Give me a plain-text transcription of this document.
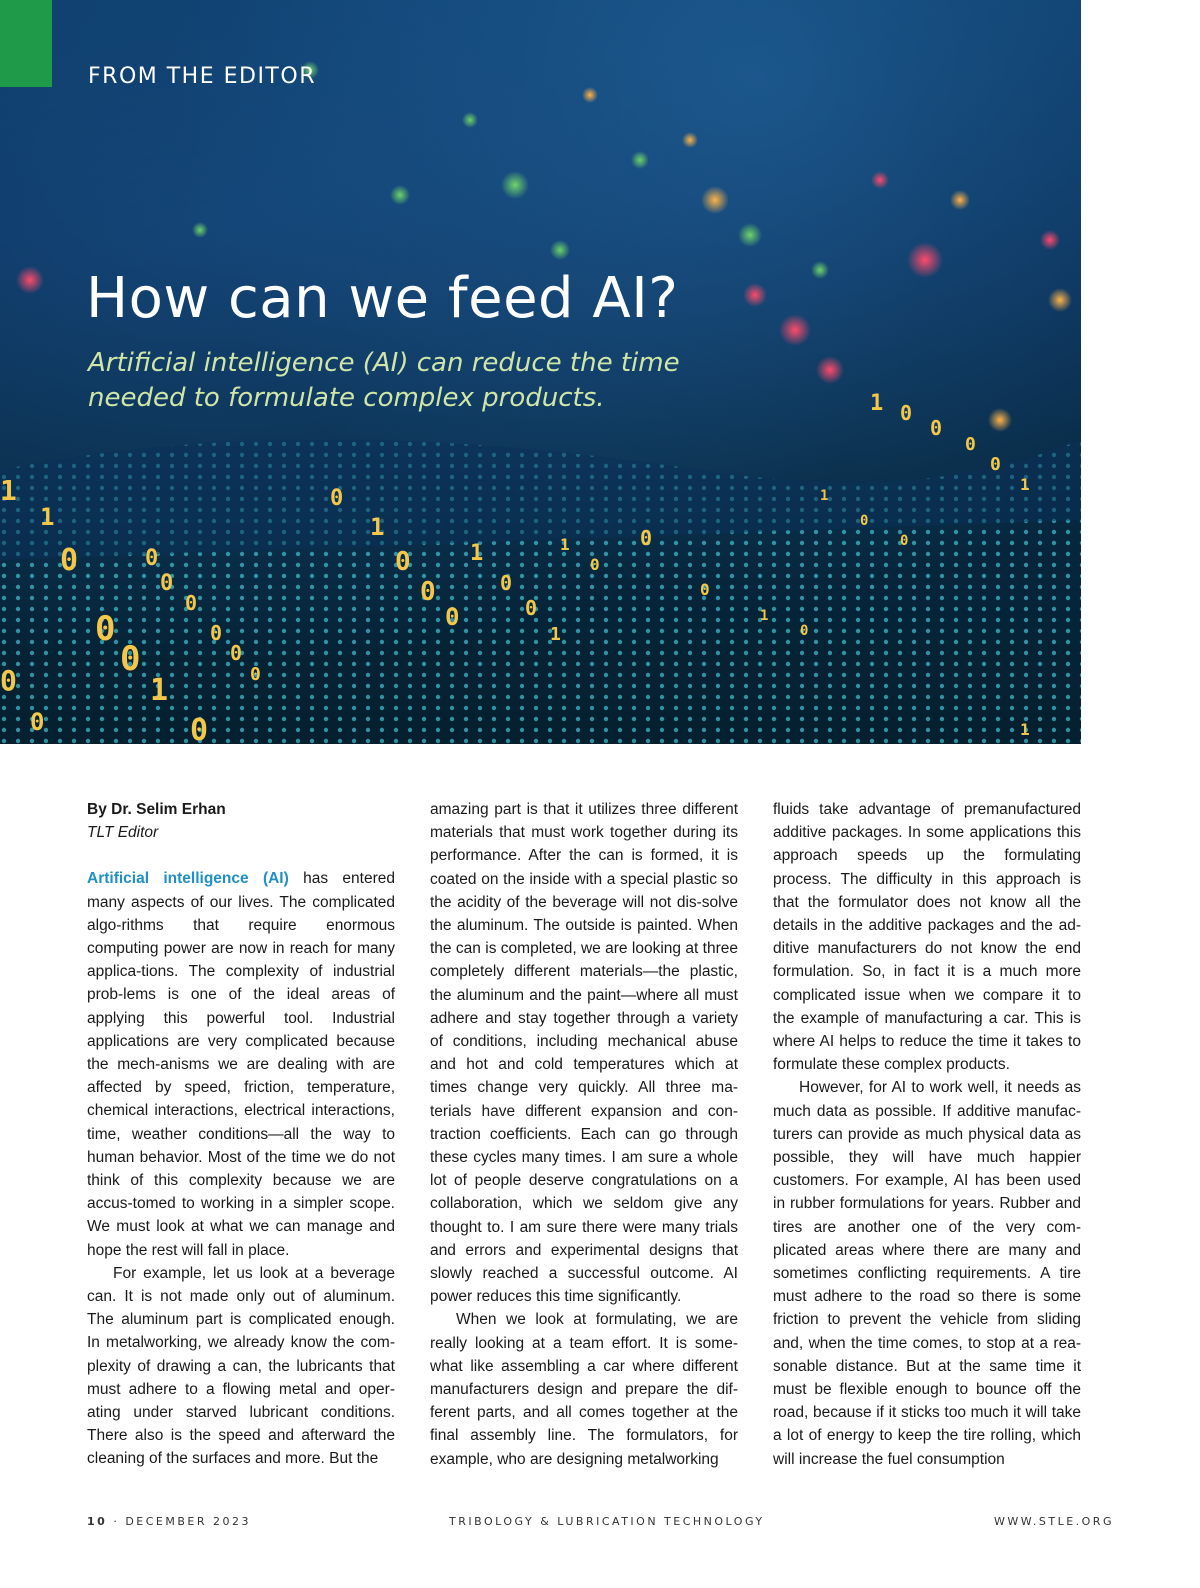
0
0
0
1
0
0
0
0
0
0
0
0
0
0
1
0
0
0
1
0
0
1
1
0
0
0
1
0
1 0
0
0
0
1
1
0
0
1
1
1
FROM THE EDITOR
How can we feed AI?

Artificial intelligence (AI) can reduce the time needed to formulate complex products.

By Dr. Selim Erhan

TLT Editor

Artificial intelligence (AI) has entered many aspects of our lives. The complicated algo-rithms that require enormous computing power are now in reach for many applica-tions. The complexity of industrial prob-lems is one of the ideal areas of applying this powerful tool. Industrial applications are very complicated because the mech-anisms we are dealing with are affected by speed, friction, temperature, chemical interactions, electrical interactions, time, weather conditions—all the way to human behavior. Most of the time we do not think of this complexity because we are accus-tomed to working in a simpler scope. We must look at what we can manage and hope the rest will fall in place.

For example, let us look at a beverage can. It is not made only out of aluminum. The aluminum part is complicated enough. In metalworking, we already know the com-plexity of drawing a can, the lubricants that must adhere to a flowing metal and oper-ating under starved lubricant conditions. There also is the speed and afterward the cleaning of the surfaces and more. But the

amazing part is that it utilizes three different materials that must work together during its performance. After the can is formed, it is coated on the inside with a special plastic so the acidity of the beverage will not dis-solve the aluminum. The outside is painted. When the can is completed, we are looking at three completely different materials—the plastic, the aluminum and the paint—where all must adhere and stay together through a variety of conditions, including mechanical abuse and hot and cold temperatures which at times change very quickly. All three ma-terials have different expansion and con-traction coefficients. Each can go through these cycles many times. I am sure a whole lot of people deserve congratulations on a collaboration, which we seldom give any thought to. I am sure there were many trials and errors and experimental designs that slowly reached a successful outcome. AI power reduces this time significantly.

When we look at formulating, we are really looking at a team effort. It is some-what like assembling a car where different manufacturers design and prepare the dif-ferent parts, and all comes together at the final assembly line. The formulators, for example, who are designing metalworking

fluids take advantage of premanufactured additive packages. In some applications this approach speeds up the formulating process. The difficulty in this approach is that the formulator does not know all the details in the additive packages and the ad-ditive manufacturers do not know the end formulation. So, in fact it is a much more complicated issue when we compare it to the example of manufacturing a car. This is where AI helps to reduce the time it takes to formulate these complex products.

However, for AI to work well, it needs as much data as possible. If additive manufac-turers can provide as much physical data as possible, they will have much happier customers. For example, AI has been used in rubber formulations for years. Rubber and tires are another one of the very com-plicated areas where there are many and sometimes conflicting requirements. A tire must adhere to the road so there is some friction to prevent the vehicle from sliding and, when the time comes, to stop at a rea-sonable distance. But at the same time it must be flexible enough to bounce off the road, because if it sticks too much it will take a lot of energy to keep the tire rolling, which will increase the fuel consumption

10 · DECEMBER 2023	TRIBOLOGY & LUBRICATION TECHNOLOGY	WWW.STLE.ORG
